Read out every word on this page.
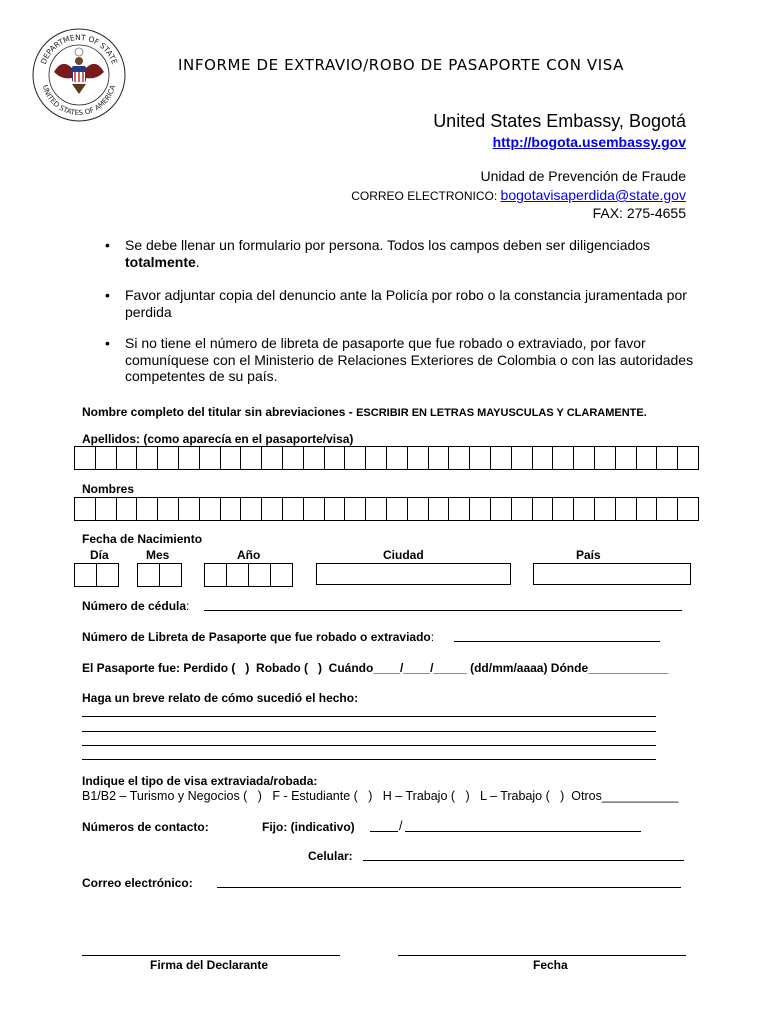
DEPARTMENT OF STATE
UNITED STATES OF AMERICA
INFORME DE EXTRAVIO/ROBO DE PASAPORTE CON VISA
United States Embassy, Bogotá
http://bogota.usembassy.gov
Unidad de Prevención de Fraude
CORREO ELECTRONICO: bogotavisaperdida@state.gov
FAX: 275-4655
• Se debe llenar un formulario por persona. Todos los campos deben ser diligenciados totalmente.
• Favor adjuntar copia del denuncio ante la Policía por robo o la constancia juramentada por perdida
• Si no tiene el número de libreta de pasaporte que fue robado o extraviado, por favor comuníquese con el Ministerio de Relaciones Exteriores de Colombia o con las autoridades competentes de su país.
Nombre completo del titular sin abreviaciones - ESCRIBIR EN LETRAS MAYUSCULAS Y CLARAMENTE.
Apellidos: (como aparecía en el pasaporte/visa)
Nombres
Fecha de Nacimiento
Día	Mes	Año	Ciudad	País
Número de cédula:
Número de Libreta de Pasaporte que fue robado o extraviado:
El Pasaporte fue: Perdido (   )  Robado (   )  Cuándo____/____/_____ (dd/mm/aaaa) Dónde____________
Haga un breve relato de cómo sucedió el hecho:
Indique el tipo de visa extraviada/robada:
B1/B2 – Turismo y Negocios (   )   F - Estudiante (   )   H – Trabajo (   )   L – Trabajo (   )  Otros___________
Números de contacto:	Fijo: (indicativo)	/
Celular:
Correo electrónico:
Firma del Declarante	Fecha
